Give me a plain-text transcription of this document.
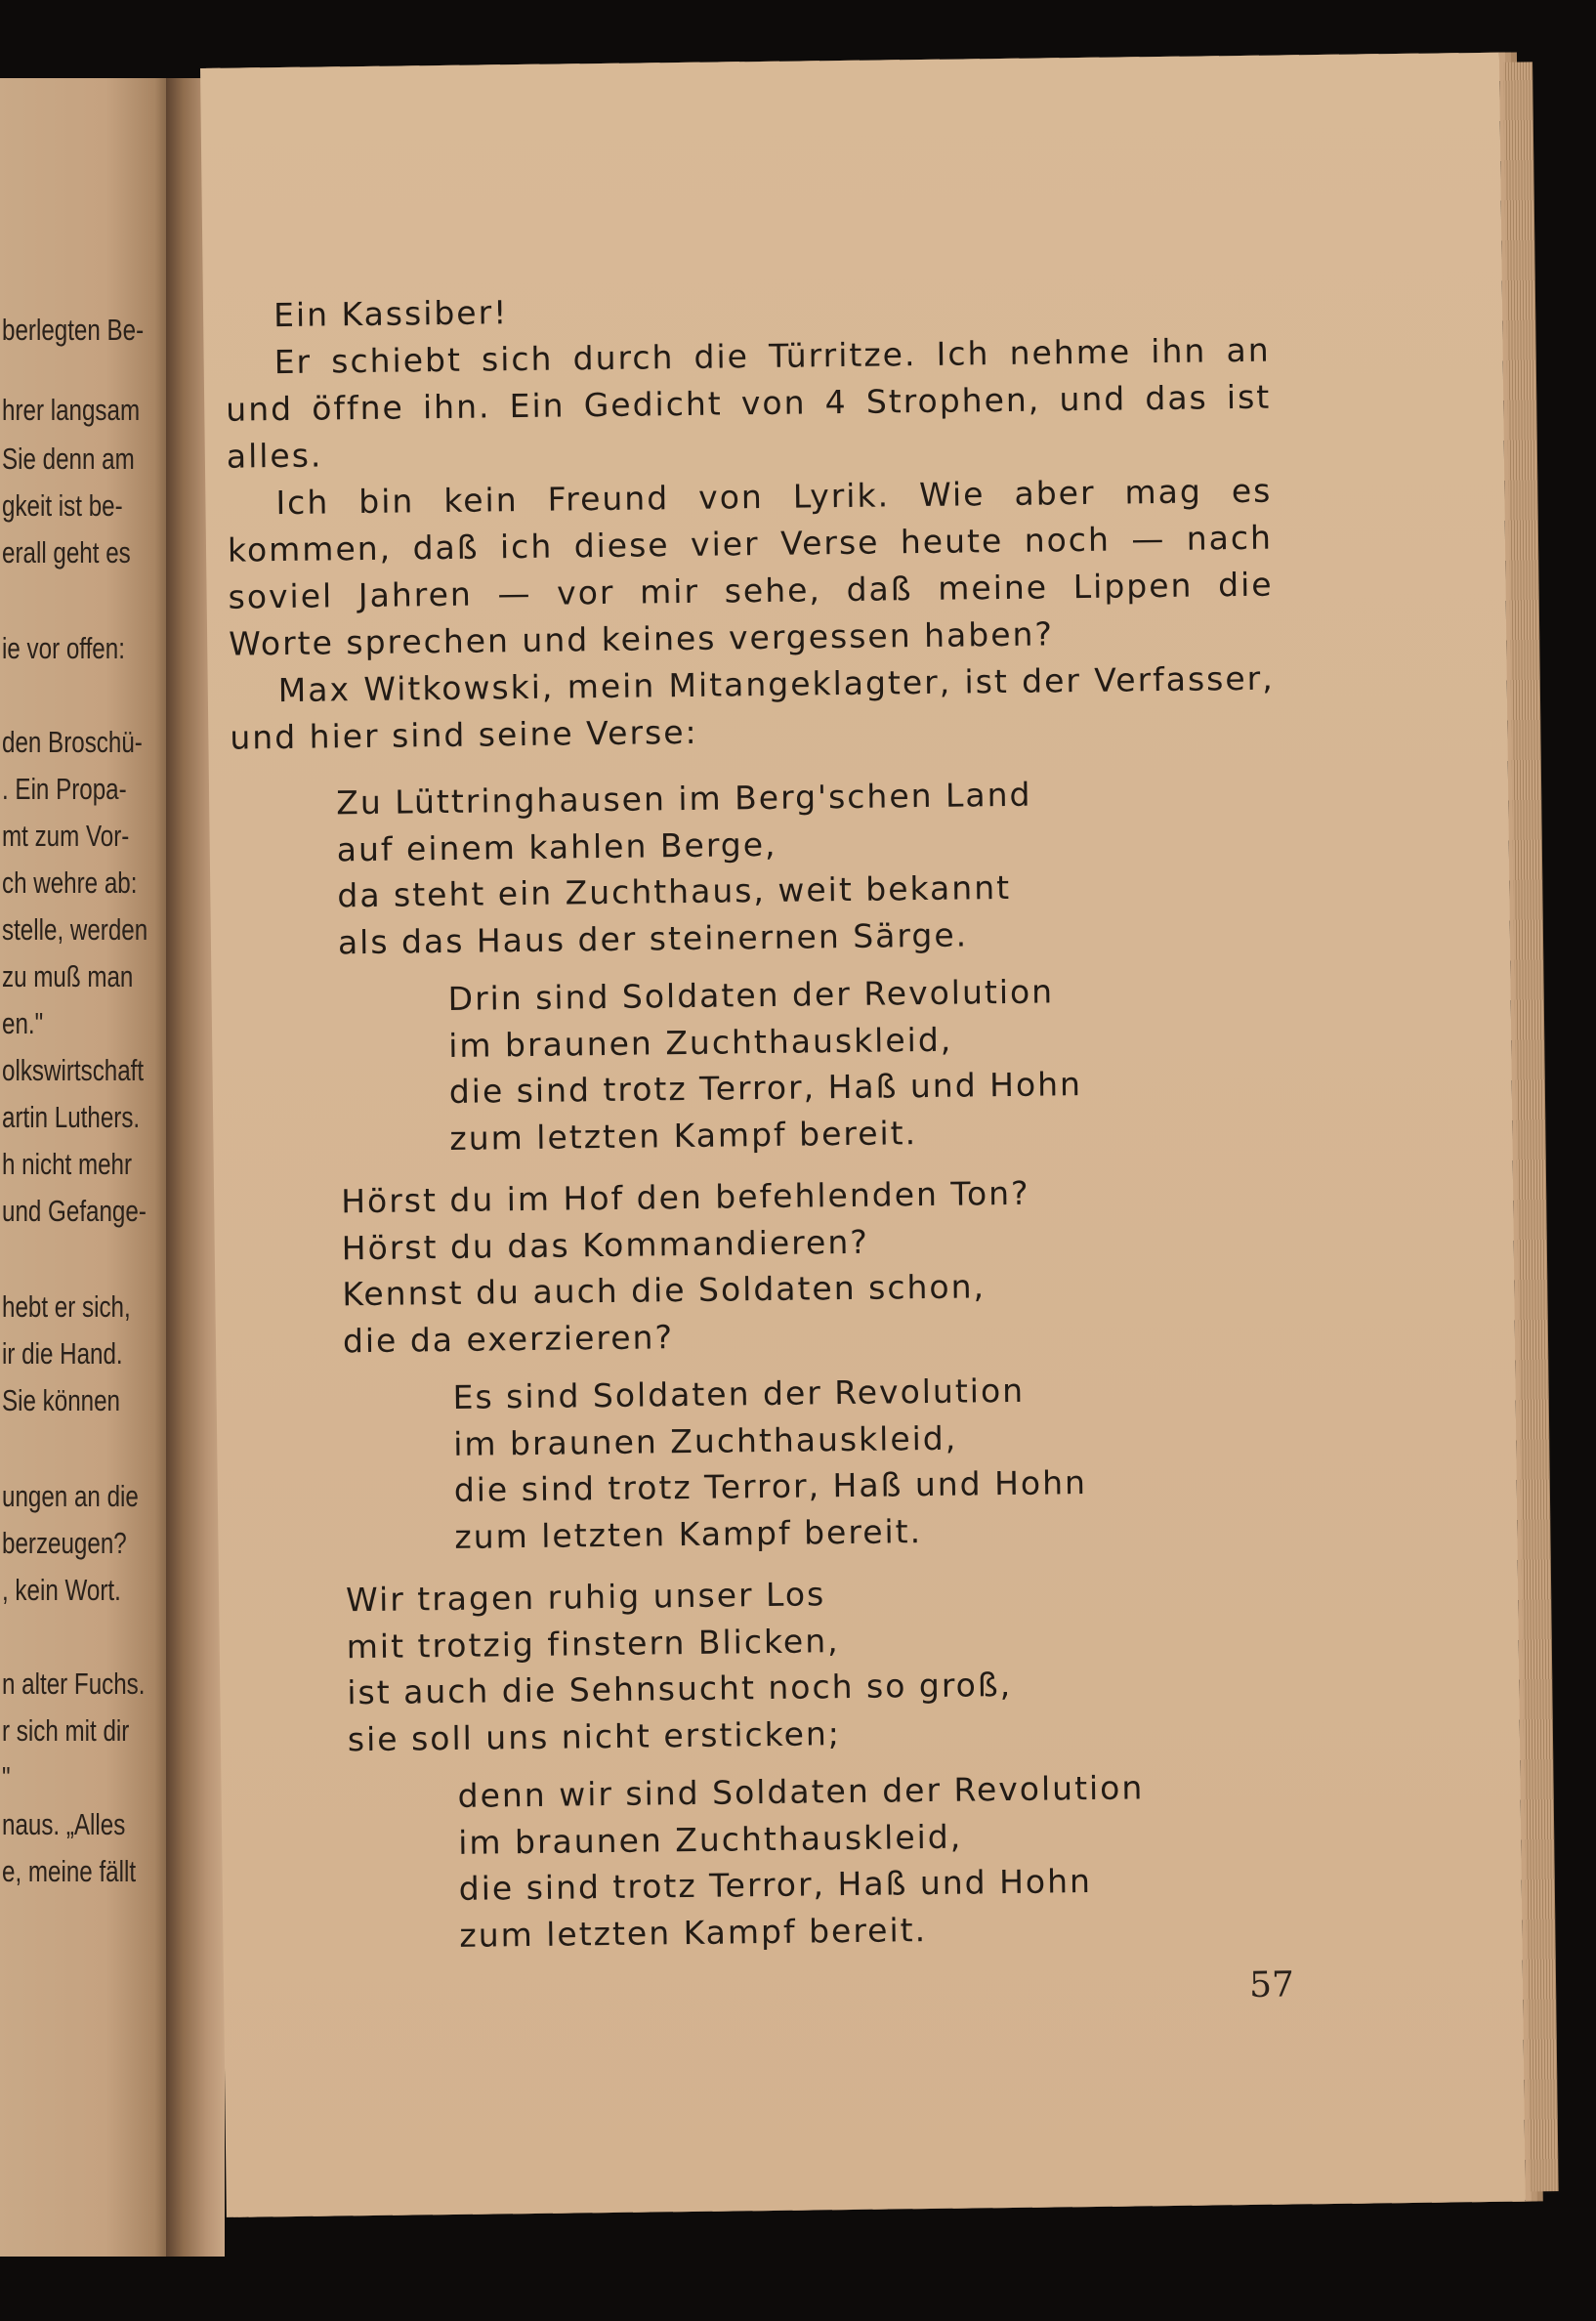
berlegten Be-
hrer langsam
Sie denn am
gkeit ist be-
erall geht es
ie vor offen:
den Broschü-
. Ein Propa-
mt zum Vor-
ch wehre ab:
stelle, werden
zu muß man
en."
olkswirtschaft
artin Luthers.
h nicht mehr
und Gefange-
hebt er sich,
ir die Hand.
Sie können
ungen an die
berzeugen?
, kein Wort.
n alter Fuchs.
r sich mit dir
"
naus. „Alles
e, meine fällt
Ein Kassiber!
Er schiebt sich durch die Türritze. Ich nehme ihn an und öffne ihn. Ein Gedicht von 4 Strophen, und das ist alles.
Ich bin kein Freund von Lyrik. Wie aber mag es kommen, daß ich diese vier Verse heute noch — nach soviel Jahren — vor mir sehe, daß meine Lippen die Worte sprechen und keines vergessen haben?
Max Witkowski, mein Mitangeklagter, ist der Verfasser, und hier sind seine Verse:
Zu Lüttringhausen im Berg'schen Land
auf einem kahlen Berge,
da steht ein Zuchthaus, weit bekannt
als das Haus der steinernen Särge.
Drin sind Soldaten der Revolution
im braunen Zuchthauskleid,
die sind trotz Terror, Haß und Hohn
zum letzten Kampf bereit.
Hörst du im Hof den befehlenden Ton?
Hörst du das Kommandieren?
Kennst du auch die Soldaten schon,
die da exerzieren?
Es sind Soldaten der Revolution
im braunen Zuchthauskleid,
die sind trotz Terror, Haß und Hohn
zum letzten Kampf bereit.
Wir tragen ruhig unser Los
mit trotzig finstern Blicken,
ist auch die Sehnsucht noch so groß,
sie soll uns nicht ersticken;
denn wir sind Soldaten der Revolution
im braunen Zuchthauskleid,
die sind trotz Terror, Haß und Hohn
zum letzten Kampf bereit.
57
